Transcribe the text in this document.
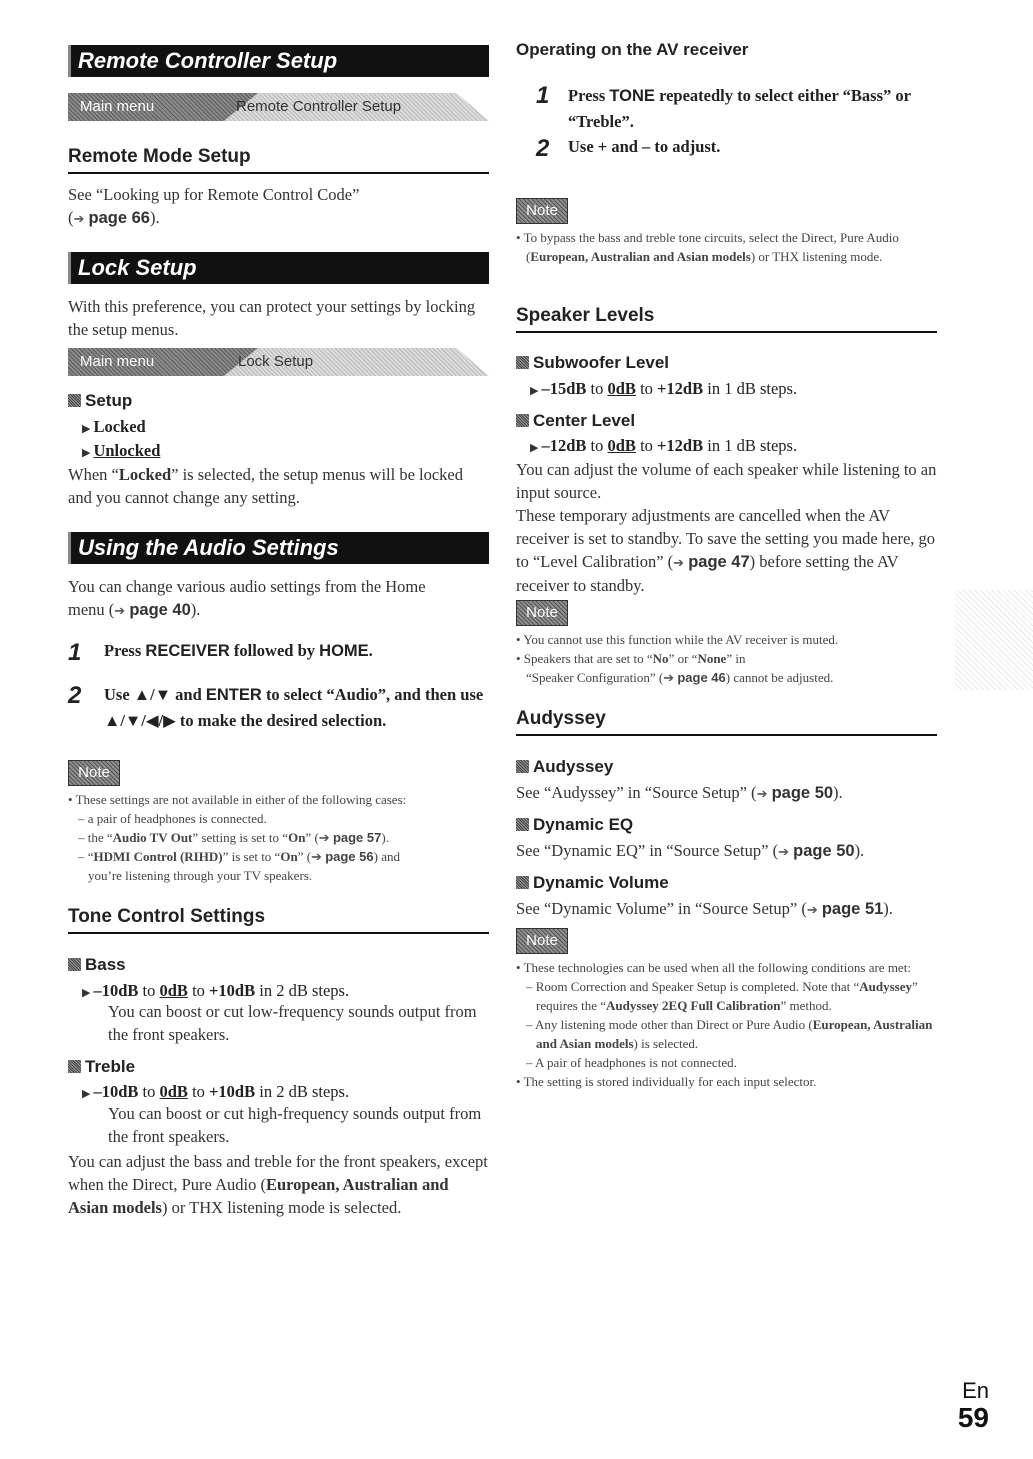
Remote Controller Setup
Main menu	Remote Controller Setup
Remote Mode Setup
See “Looking up for Remote Control Code”
(➔ page 66).
Lock Setup
With this preference, you can protect your settings by locking the setup menus.
Main menu	Lock Setup
Setup
▶ Locked
▶ Unlocked
When “Locked” is selected, the setup menus will be locked and you cannot change any setting.
Using the Audio Settings
You can change various audio settings from the Home
menu (➔ page 40).
1 Press RECEIVER followed by HOME.
2 Use ▲/▼ and ENTER to select “Audio”, and then use ▲/▼/◀/▶ to make the desired selection.
Note
• These settings are not available in either of the following cases:
– a pair of headphones is connected.
– the “Audio TV Out” setting is set to “On” (➔ page 57).
– “HDMI Control (RIHD)” is set to “On” (➔ page 56) and
you’re listening through your TV speakers.
Tone Control Settings
Bass
▶ –10dB to 0dB to +10dB in 2 dB steps.
You can boost or cut low-frequency sounds output from the front speakers.
Treble
▶ –10dB to 0dB to +10dB in 2 dB steps.
You can boost or cut high-frequency sounds output from the front speakers.
You can adjust the bass and treble for the front speakers, except when the Direct, Pure Audio (European, Australian and Asian models) or THX listening mode is selected.
Operating on the AV receiver
1 Press TONE repeatedly to select either “Bass” or “Treble”.
2 Use + and – to adjust.
Note
• To bypass the bass and treble tone circuits, select the Direct, Pure Audio (European, Australian and Asian models) or THX listening mode.
Speaker Levels
Subwoofer Level
▶ –15dB to 0dB to +12dB in 1 dB steps.
Center Level
▶ –12dB to 0dB to +12dB in 1 dB steps.
You can adjust the volume of each speaker while listening to an input source.
These temporary adjustments are cancelled when the AV receiver is set to standby. To save the setting you made here, go to “Level Calibration” (➔ page 47) before setting the AV receiver to standby.
Note
• You cannot use this function while the AV receiver is muted.
• Speakers that are set to “No” or “None” in
“Speaker Configuration” (➔ page 46) cannot be adjusted.
Audyssey
Audyssey
See “Audyssey” in “Source Setup” (➔ page 50).
Dynamic EQ
See “Dynamic EQ” in “Source Setup” (➔ page 50).
Dynamic Volume
See “Dynamic Volume” in “Source Setup” (➔ page 51).
Note
• These technologies can be used when all the following conditions are met:
– Room Correction and Speaker Setup is completed. Note that “Audyssey” requires the “Audyssey 2EQ Full Calibration” method.
– Any listening mode other than Direct or Pure Audio (European, Australian and Asian models) is selected.
– A pair of headphones is not connected.
• The setting is stored individually for each input selector.
En
59
